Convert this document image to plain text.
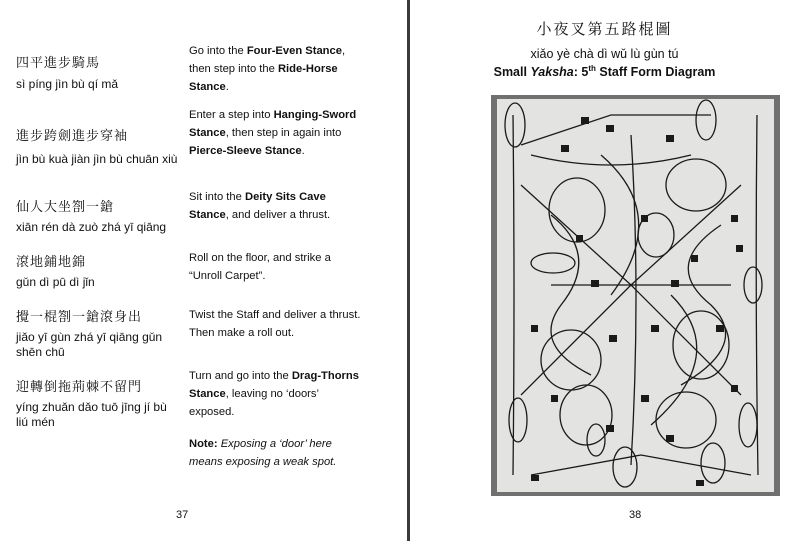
四平進步騎馬
sì píng jìn bù qí mǎ
Go into the Four-Even Stance, then step into the Ride-Horse Stance.
進步跨劍進步穿袖
jìn bù kuà jiàn jìn bù chuān xiù
Enter a step into Hanging-Sword Stance, then step in again into Pierce-Sleeve Stance.
仙人大坐劄一鎗
xiān rén dà zuò zhá yī qiāng
Sit into the Deity Sits Cave Stance, and deliver a thrust.
滾地鋪地錦
gǔn dì pū dì jǐn
Roll on the floor, and strike a “Unroll Carpet”.
攪一棍劄一鎗滾身出
jiǎo yī gùn zhá yī qiāng gǔn shēn chū
Twist the Staff and deliver a thrust. Then make a roll out.
迎轉倒拖荊棘不留門
yíng zhuǎn dǎo tuō jīng jí bù liú mén
Turn and go into the Drag-Thorns Stance, leaving no ‘doors’ exposed.
Note: Exposing a ‘door’ here means exposing a weak spot.
37
小夜叉第五路棍圖
xiǎo yè chà dì wǔ lù gùn tú
Small Yaksha: 5th Staff Form Diagram
38
